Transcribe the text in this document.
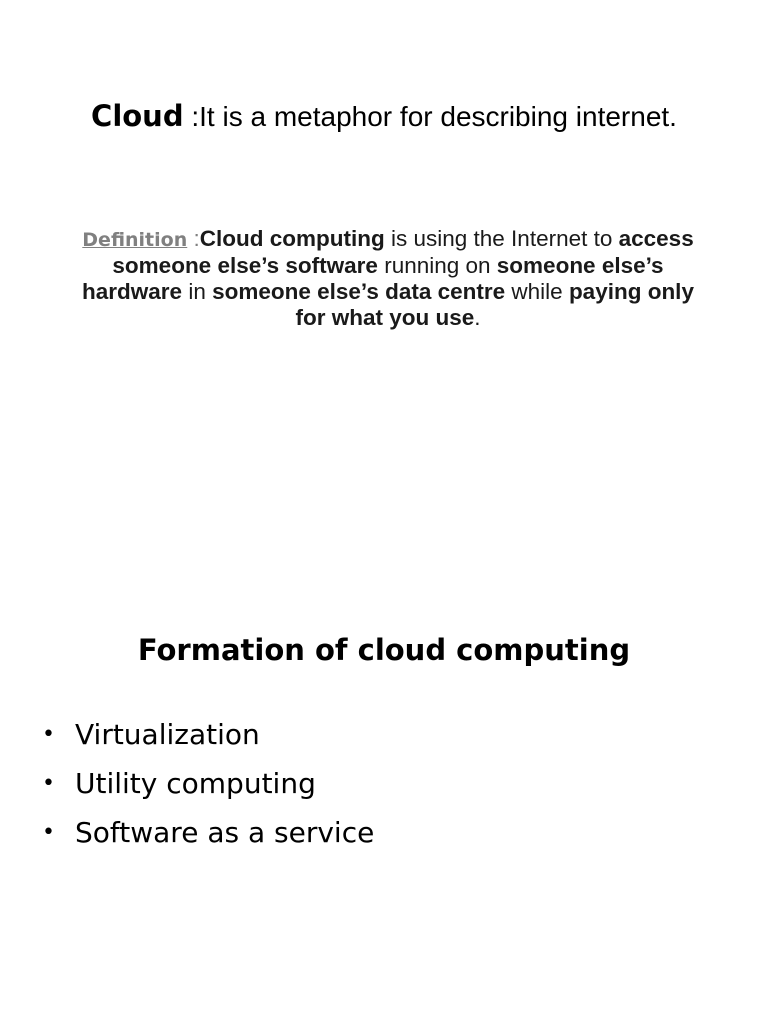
Cloud :It is a metaphor for describing internet.
Definition :Cloud computing is using the Internet to access someone else’s software running on someone else’s hardware in someone else’s data centre while paying only for what you use.
Formation of cloud computing
• Virtualization
• Utility computing
• Software as a service
